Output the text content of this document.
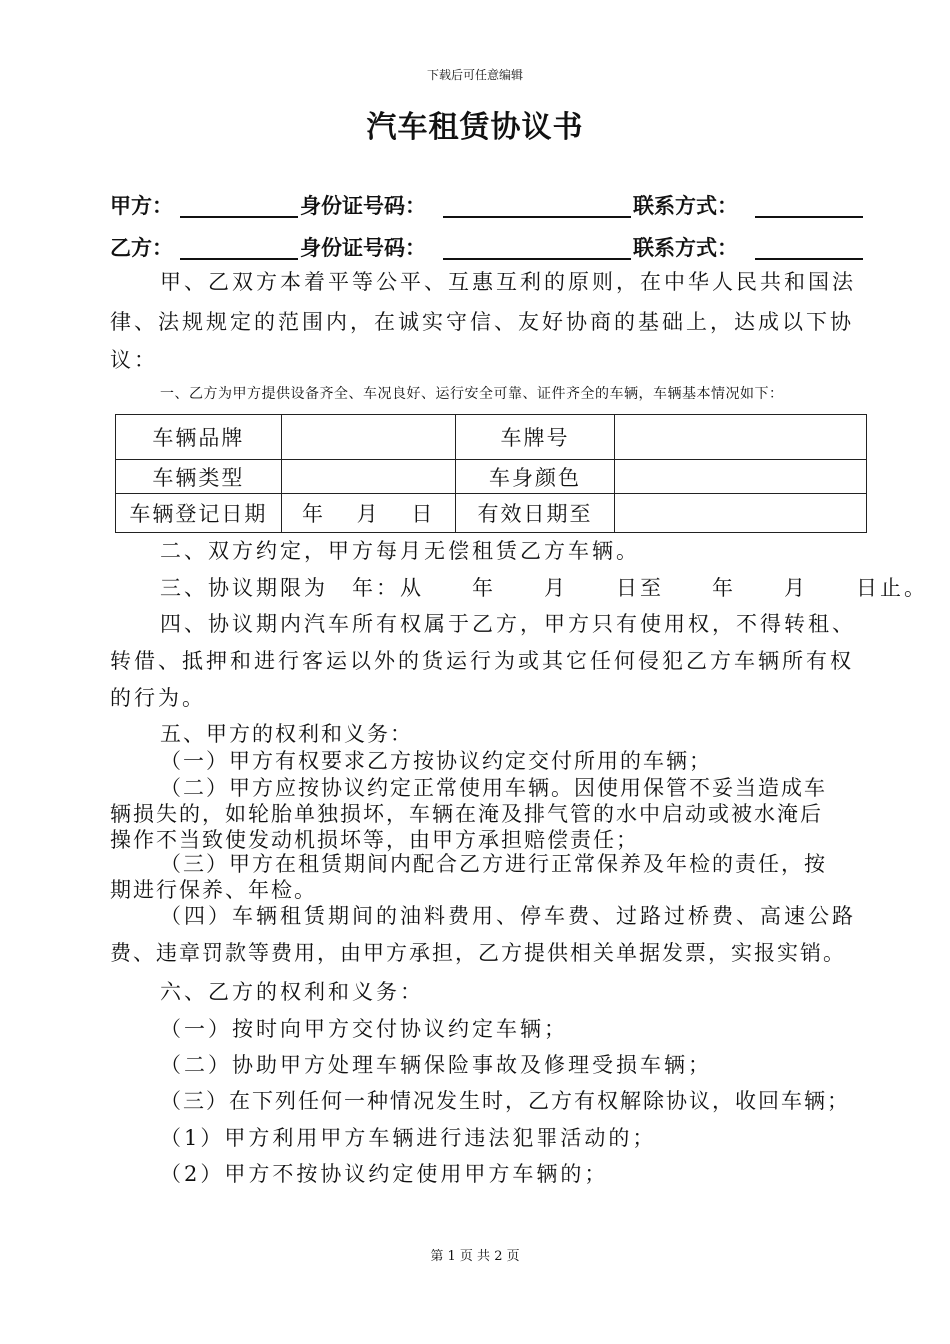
下载后可任意编辑
汽车租赁协议书
甲方：	身份证号码：	联系方式：
乙方：	身份证号码：	联系方式：
甲、乙双方本着平等公平、互惠互利的原则，在中华人民共和国法
律、法规规定的范围内，在诚实守信、友好协商的基础上，达成以下协
议：
一、乙方为甲方提供设备齐全、车况良好、运行安全可靠、证件齐全的车辆，车辆基本情况如下：
车辆品牌		车牌号	
车辆类型		车身颜色	
车辆登记日期	年　 月　 日	有效日期至	
二、双方约定，甲方每月无偿租赁乙方车辆。
三、协议期限为　年：从　　年　　月　　日至　　年　　月　　日止。
四、协议期内汽车所有权属于乙方，甲方只有使用权，不得转租、
转借、抵押和进行客运以外的货运行为或其它任何侵犯乙方车辆所有权
的行为。
五、甲方的权利和义务：
（一）甲方有权要求乙方按协议约定交付所用的车辆；
（二）甲方应按协议约定正常使用车辆。因使用保管不妥当造成车
辆损失的，如轮胎单独损坏，车辆在淹及排气管的水中启动或被水淹后
操作不当致使发动机损坏等，由甲方承担赔偿责任；
（三）甲方在租赁期间内配合乙方进行正常保养及年检的责任，按
期进行保养、年检。
（四）车辆租赁期间的油料费用、停车费、过路过桥费、高速公路
费、违章罚款等费用，由甲方承担，乙方提供相关单据发票，实报实销。
六、乙方的权利和义务：
（一）按时向甲方交付协议约定车辆；
（二）协助甲方处理车辆保险事故及修理受损车辆；
（三）在下列任何一种情况发生时，乙方有权解除协议，收回车辆；
（1）甲方利用甲方车辆进行违法犯罪活动的；
（2）甲方不按协议约定使用甲方车辆的；
第 1 页 共 2 页
